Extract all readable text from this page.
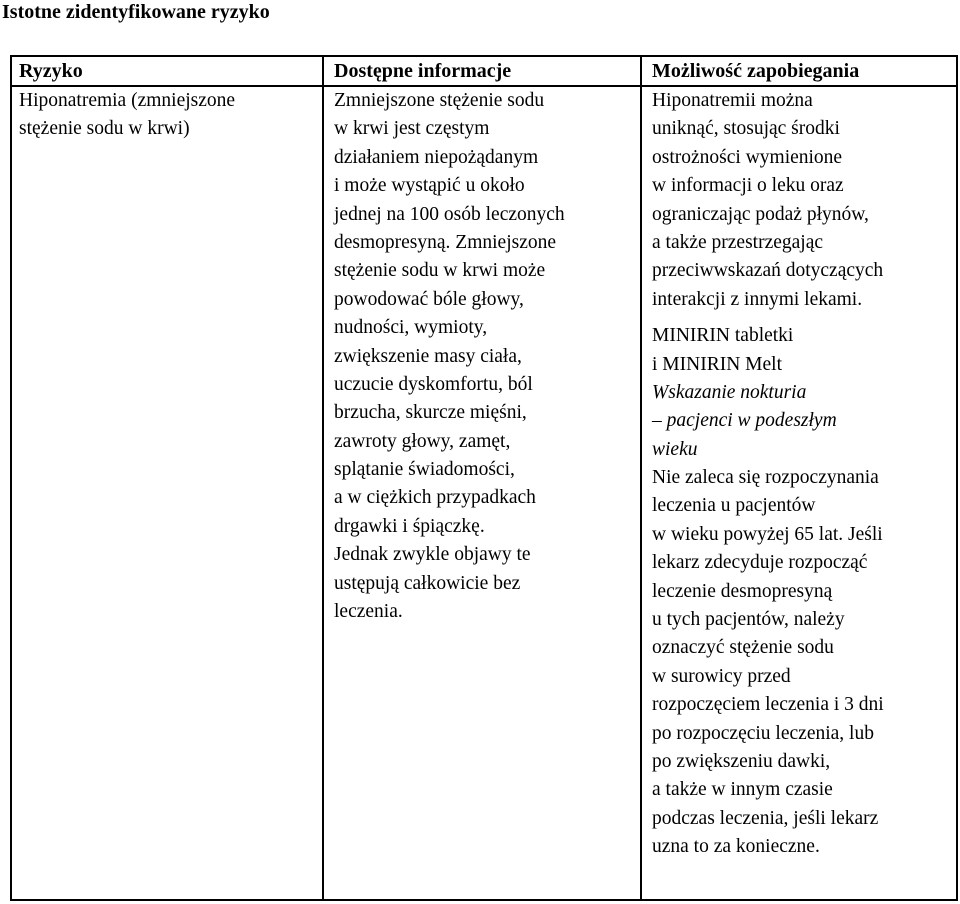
Istotne zidentyfikowane ryzyko
Ryzyko	Dostępne informacje	Możliwość zapobiegania
Hiponatremia (zmniejszone
stężenie sodu w krwi)
Zmniejszone stężenie sodu
w krwi jest częstym
działaniem niepożądanym
i może wystąpić u około
jednej na 100 osób leczonych
desmopresyną. Zmniejszone
stężenie sodu w krwi może
powodować bóle głowy,
nudności, wymioty,
zwiększenie masy ciała,
uczucie dyskomfortu, ból
brzucha, skurcze mięśni,
zawroty głowy, zamęt,
splątanie świadomości,
a w ciężkich przypadkach
drgawki i śpiączkę.
Jednak zwykle objawy te
ustępują całkowicie bez
leczenia.
Hiponatremii można
uniknąć, stosując środki
ostrożności wymienione
w informacji o leku oraz
ograniczając podaż płynów,
a także przestrzegając
przeciwwskazań dotyczących
interakcji z innymi lekami.
MINIRIN tabletki
i MINIRIN Melt
Wskazanie nokturia
– pacjenci w podeszłym
wieku
Nie zaleca się rozpoczynania
leczenia u pacjentów
w wieku powyżej 65 lat. Jeśli
lekarz zdecyduje rozpocząć
leczenie desmopresyną
u tych pacjentów, należy
oznaczyć stężenie sodu
w surowicy przed
rozpoczęciem leczenia i 3 dni
po rozpoczęciu leczenia, lub
po zwiększeniu dawki,
a także w innym czasie
podczas leczenia, jeśli lekarz
uzna to za konieczne.
